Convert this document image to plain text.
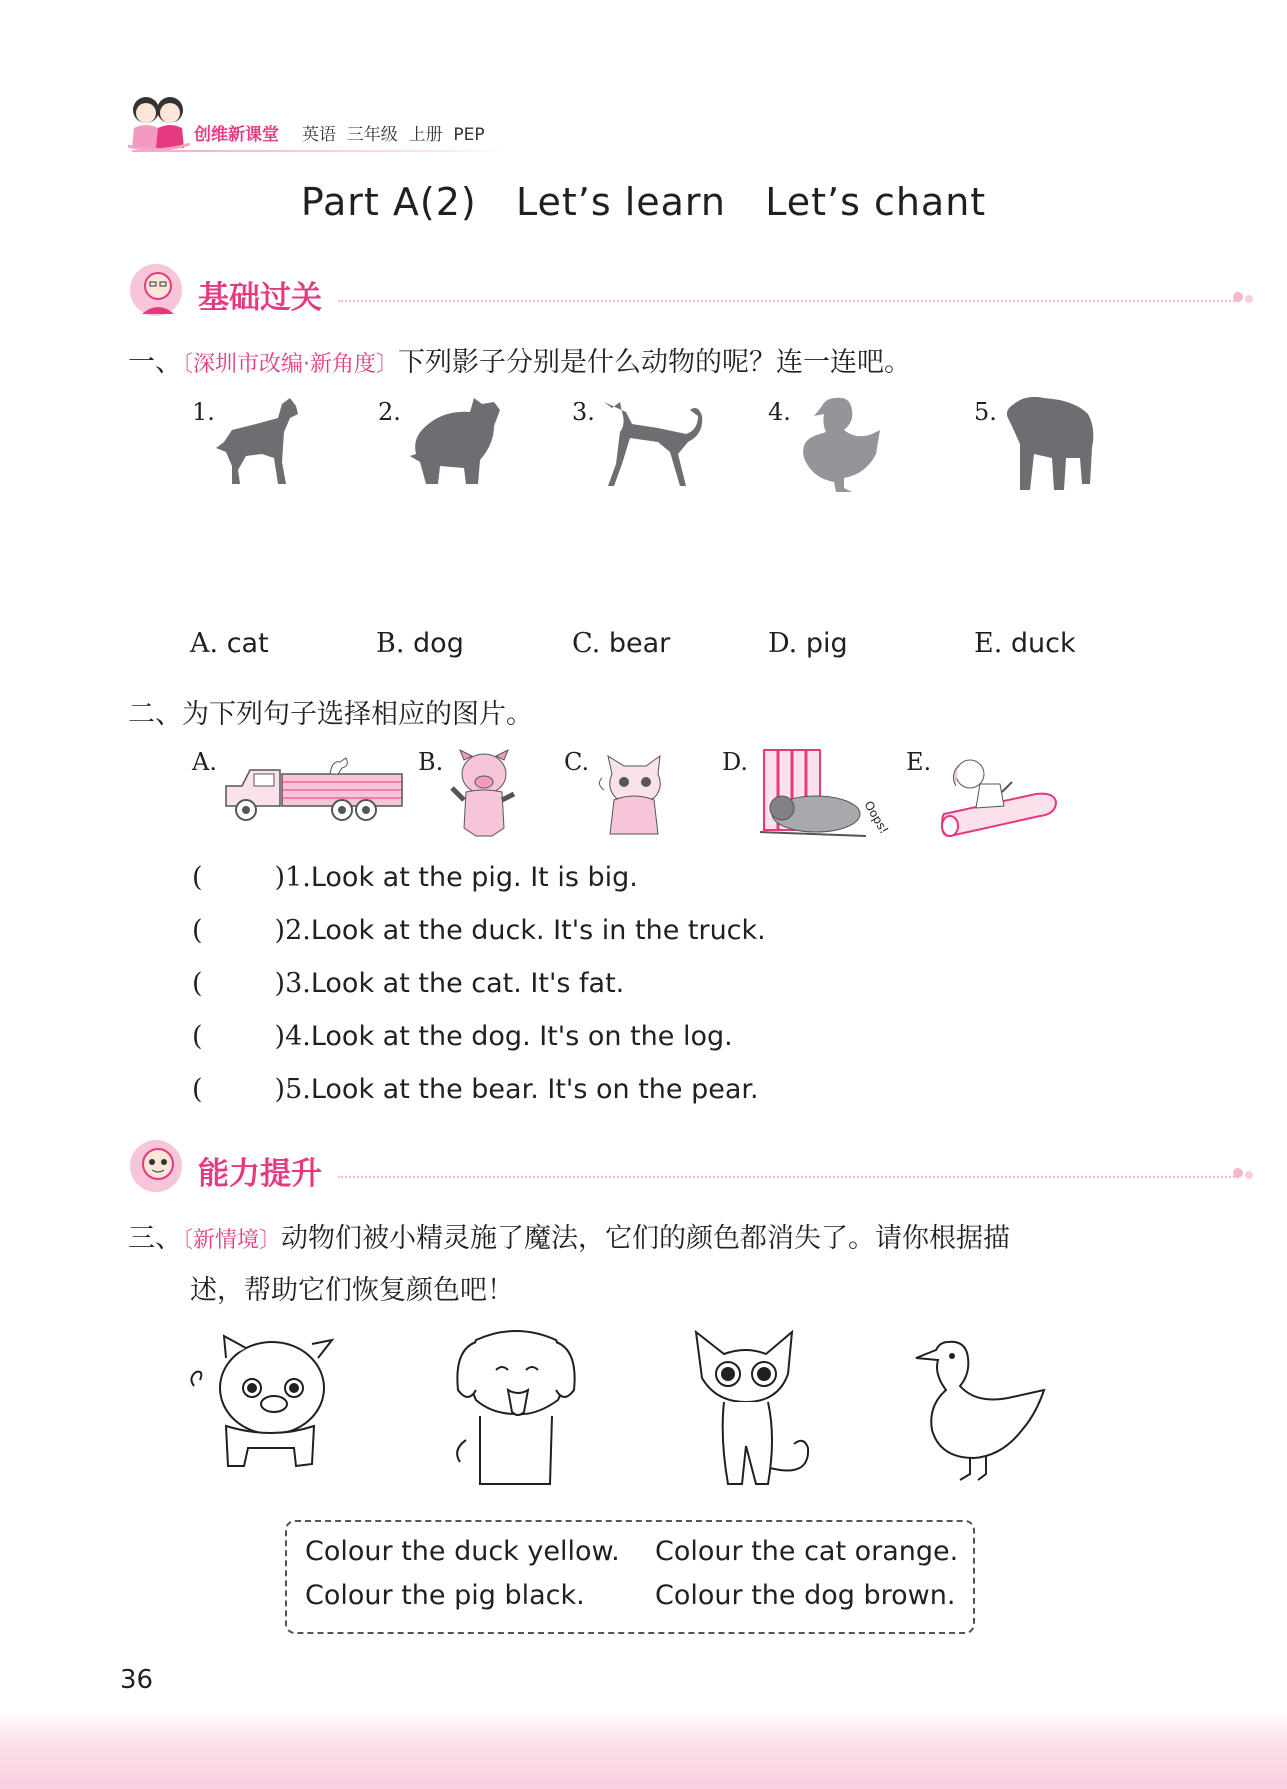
创维新课堂 英语  三年级  上册  PEP
Part A(2)   Let’s learn   Let’s chant
基础过关
一、〔深圳市改编·新角度〕下列影子分别是什么动物的呢？连一连吧。
1.	2.	3.	4.	5.
A. cat	B. dog	C. bear	D. pig	E. duck
二、为下列句子选择相应的图片。
A.	B.	C.	D.	E.
Oops!
(	)1.Look at the pig. It is big.
(	)2.Look at the duck. It's in the truck.
(	)3.Look at the cat. It's fat.
(	)4.Look at the dog. It's on the log.
(	)5.Look at the bear. It's on the pear.
能力提升
三、〔新情境〕动物们被小精灵施了魔法，它们的颜色都消失了。请你根据描
述，帮助它们恢复颜色吧！
Colour the duck yellow. Colour the cat orange.
Colour the pig black.	Colour the dog brown.
36
